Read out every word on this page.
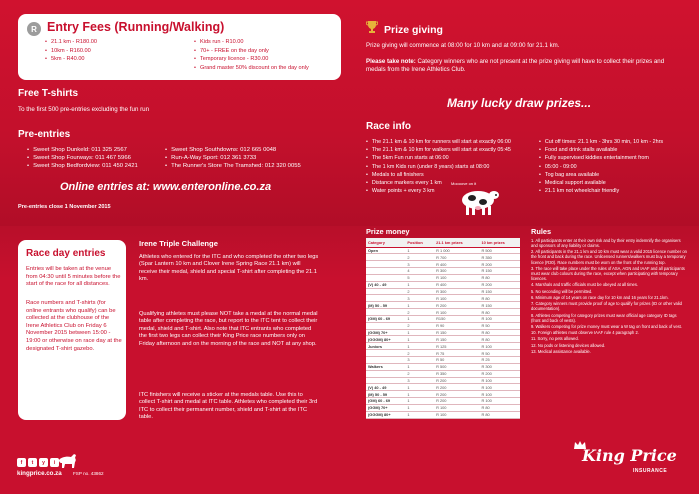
R Entry Fees (Running/Walking)
• 21.1 km - R180.00
• 10km - R160.00
• 5km - R40.00
• Kids run - R10.00
• 70+ - FREE on the day only
• Temporary licence - R30.00
• Grand master 50% discount on the day only
Free T-shirts
To the first 500 pre-entries excluding the fun run
Pre-entries
• Sweet Shop Dunkeld: 011 325 2567
• Sweet Shop Fourways: 011 467 5966
• Sweet Shop Bedfordview: 011 450 2421
• Sweet Shop Southdowns: 012 665 0048
• Run-A-Way Sport: 012 361 3733
• The Runner's Store The Tramshed: 012 320 0055
Online entries at: www.enteronline.co.za
Pre-entries close 1 November 2015
Prize giving
Prize giving will commence at 08:00 for 10 km and at 09:00 for 21.1 km.
Please take note: Category winners who are not present at the prize giving will have to collect their prizes and medals from the Irene Athletics Club.
Many lucky draw prizes...
Race info
• The 21.1 km & 10 km for runners will start at exactly 06:00
• The 21.1 km & 10 km for walkers will start at exactly 05:45
• The 5km Fun run starts at 06:00
• The 1 km Kids run (under 8 years) starts at 08:00
• Medals to all finishers
• Distance markers every 1 km
• Water points + every 3 km
• Cut off times: 21.1 km - 3hrs 30 min, 10 km - 2hrs
• Food and drink stalls available
• Fully supervised kiddies entertainment from
• 05:00 - 09:00
• Tog bag area available
• Medical support available
• 21.1 km not wheelchair friendly
Moooove on it
Race day entries

Entries will be taken at the venue from 04:30 until 5 minutes before the start of the race for all distances.

Race numbers and T-shirts (for online entrants who qualify) can be collected at the clubhouse of the Irene Athletics Club on Friday 6 November 2015 between 15:00 - 19:00 or otherwise on race day at the designated T-shirt gazebo.

Irene Triple Challenge

Athletes who entered for the ITC and who completed the other two legs (Spar Lantern 10 km and Clover Irene Spring Race 21.1 km) will receive their medal, shield and special T-shirt after completing the 21.1 km.

Qualifying athletes must please NOT take a medal at the normal medal table after completing the race, but report to the ITC tent to collect their medal, shield and T-shirt. Also note that ITC entrants who completed the first two legs can collect their King Price race numbers only on Friday afternoon and on the morning of the race and NOT at any shop.

ITC finishers will receive a sticker at the medals table. Use this to collect T-shirt and medal at ITC table. Athletes who completed their 3rd ITC to collect their permanent number, shield and T-shirt at the ITC table.

Prize money
Category	Position	21.1 km prizes	10 km prizes
Open	1	R 1 000	R 500
	2	R 700	R 350
	3	R 400	R 200
	4	R 300	R 150
	5	R 100	R 80
(V) 40 - 49	1	R 400	R 200
	2	R 300	R 150
	3	R 100	R 80
(M) 50 - 59	1	R 200	R 150
	2	R 100	R 80
(GM) 60 - 69	1	R150	R 100
	2	R 90	R 50
(GGM) 70+	1	R 150	R 80
(GGGM) 80+	1	R 150	R 80
Juniors	1	R 125	R 100
	2	R 75	R 50
	3	R 50	R 25
Walkers	1	R 500	R 300
	2	R 350	R 200
	3	R 200	R 100
(V) 40 - 49	1	R 200	R 100
(M) 50 - 59	1	R 200	R 100
(GM) 60 - 69	1	R 200	R 100
(GGM) 70+	1	R 100	R 80
(GGGM) 80+	1	R 100	R 80
Rules
1. All participants enter at their own risk and by their entry indemnify the organisers and sponsors of any liability or claims.
2. All participants in the 21.1 km and 10 km must wear a valid 2015 licence number on the front and back during the race. Unlicensed runners/walkers must buy a temporary licence (R30). Race numbers must be worn on the front of the running top.
3. The race will take place under the rules of ASA, AGN and IAAF and all participants must wear club colours during the race, except when participating with temporary licences.
4. Marshals and traffic officials must be obeyed at all times.
5. No seconding will be permitted.
6. Minimum age of 14 years on race day for 10 km and 16 years for 21.1km.
7. Category winners must provide proof of age to qualify for prizes (ID or other valid documentation).
8. Athletes competing for category prizes must wear official age category ID tags (front and back of vests).
9. Walkers competing for prize money must wear a W tag on front and back of vest.
10. Foreign athletes must observe IAAF rule 4 paragraph 2.
11. Sorry, no pets allowed.
12. No pods or listening devices allowed.
13. Medical assistance available.
f	t	y	i
kingprice.co.za FSP no. 43862
King Price
INSURANCE
